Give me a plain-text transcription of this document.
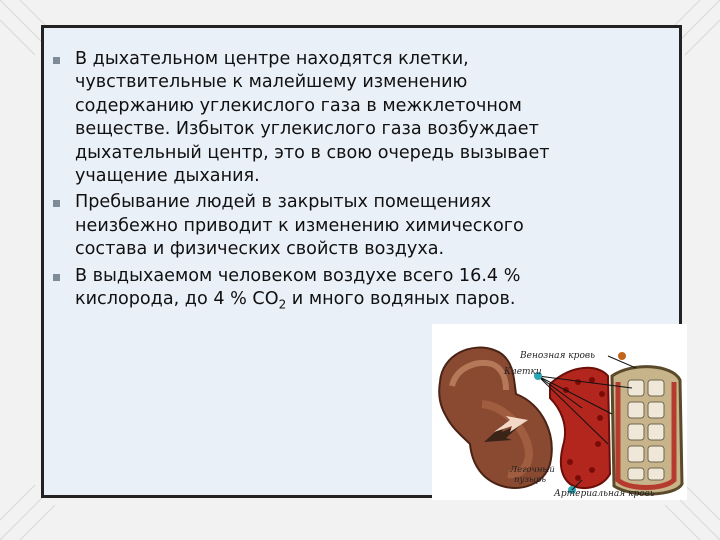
В дыхательном центре находятся клетки,
чувствительные к малейшему изменению
содержанию углекислого газа в межклеточном
веществе. Избыток углекислого газа возбуждает
дыхательный центр, это в свою очередь вызывает
учащение дыхания.
Пребывание людей в закрытых помещениях
неизбежно приводит к изменению химического
состава и физических свойств воздуха.
В выдыхаемом человеком воздухе всего 16.4 %
кислорода, до 4 % $СО_2$ и много водяных паров.
Венозная кровь
Клетки
Легочный
пузырь
Артериальная кровь
